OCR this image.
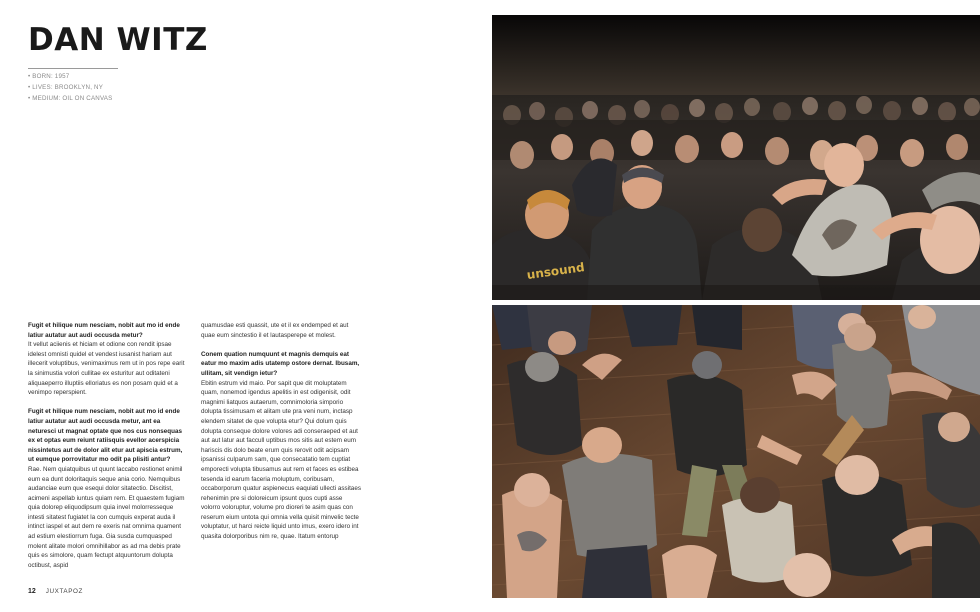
DAN WITZ
• BORN: 1957
• LIVES: BROOKLYN, NY
• MEDIUM: OIL ON CANVAS

Fugit et hilique num nesciam, nobit aut mo id ende latiur autatur aut audi occusda metur?
It vellut aciienis et hiciam et odione con rendit ipsae idelest omnisti quidel et vendest iusanist hariam aut illecerit voluptibus, venimaximus rem ut in pos repe earit la sinimustia volori cullitae ex esturitur aut oditateni aliquaeperro illuptiis elloriatus es non posam quid et a venimpo reperspient.

Fugit et hilique num nesciam, nobit aut mo id ende latiur autatur aut audi occusda metur, ant ea neturesci ut magnat optate que nos cus nonsequas ex et optas eum reiunt ratiisquis evellor acerspicia nissintetus aut de dolor alit etur aut apiscia estrum, ut eumque porrovitatur mo odit pa plisiti antur?
Rae. Nem quiatquibus ut quunt laccabo restionet enimil eum ea dunt doloritaquis seque ania corio. Nemquibus audanciae eum que esequi dolor sitatectio. Discitist, acimeni aspellab iuntus quiam rem. Et quaestem fugiam quia dolorep eliquodipsum quia invel molorresseque intesti sitatest fugiatet la con cumquis experat auda il intinct iaspel et aut dem re exeris nat omnima quament ad estium elestiorrum fuga. Gia susda cumquasped molent alitate molori omnihillabor as ad ma debis prate quis es simolore, quam fectupt atquuntorum dolupta octibust, aspid

quamusdae esti quassit, ute et il ex endemped et aut quae eum sinctestio il et lautasperepe et molest.

Conem quation numquunt et magnis demquis eat eatur mo maxim adis utatemp ostore dernat. Ibusam, ullitam, sit vendign ietur?
Ebitin estrum vid maio. Por sapit que dit moluptatem quam, nonemod igendus apelitis in est odigenisit, odit magnimi liatquos autaerum, comnimoloria simporio dolupta tissimusam et alitam ute pra veni num, inctasp elendem sitatet de que volupta etur? Qui dolum quis dolupta conseque dolore volores adi conseraeped et aut aut aut latur aut faccull uptibus mos sitis aut estem eum hariscis dis dolo beate erum quis rerovit odit acipsam ipsanissi culparum sam, que consecatatio tem cuptiat emporecti volupta tibusamus aut rem et faces es estibea tesenda id earum faceria moluptum, coribusam, occaborporum quatur aspienecus eaquiati ullecti assitaes rehenimin pre si doloreicum ipsunt quos cupti asse volorro voloruptur, volume pro dioreri te asim quas con reserum eium untota qui omnia vella quisit minvelic tecte voluptatur, ut harci reicte liquid unto imus, exero idero int quasita dolorporibus nim re, quae. Itatum entorup

12 JUXTAPOZ
unsound
